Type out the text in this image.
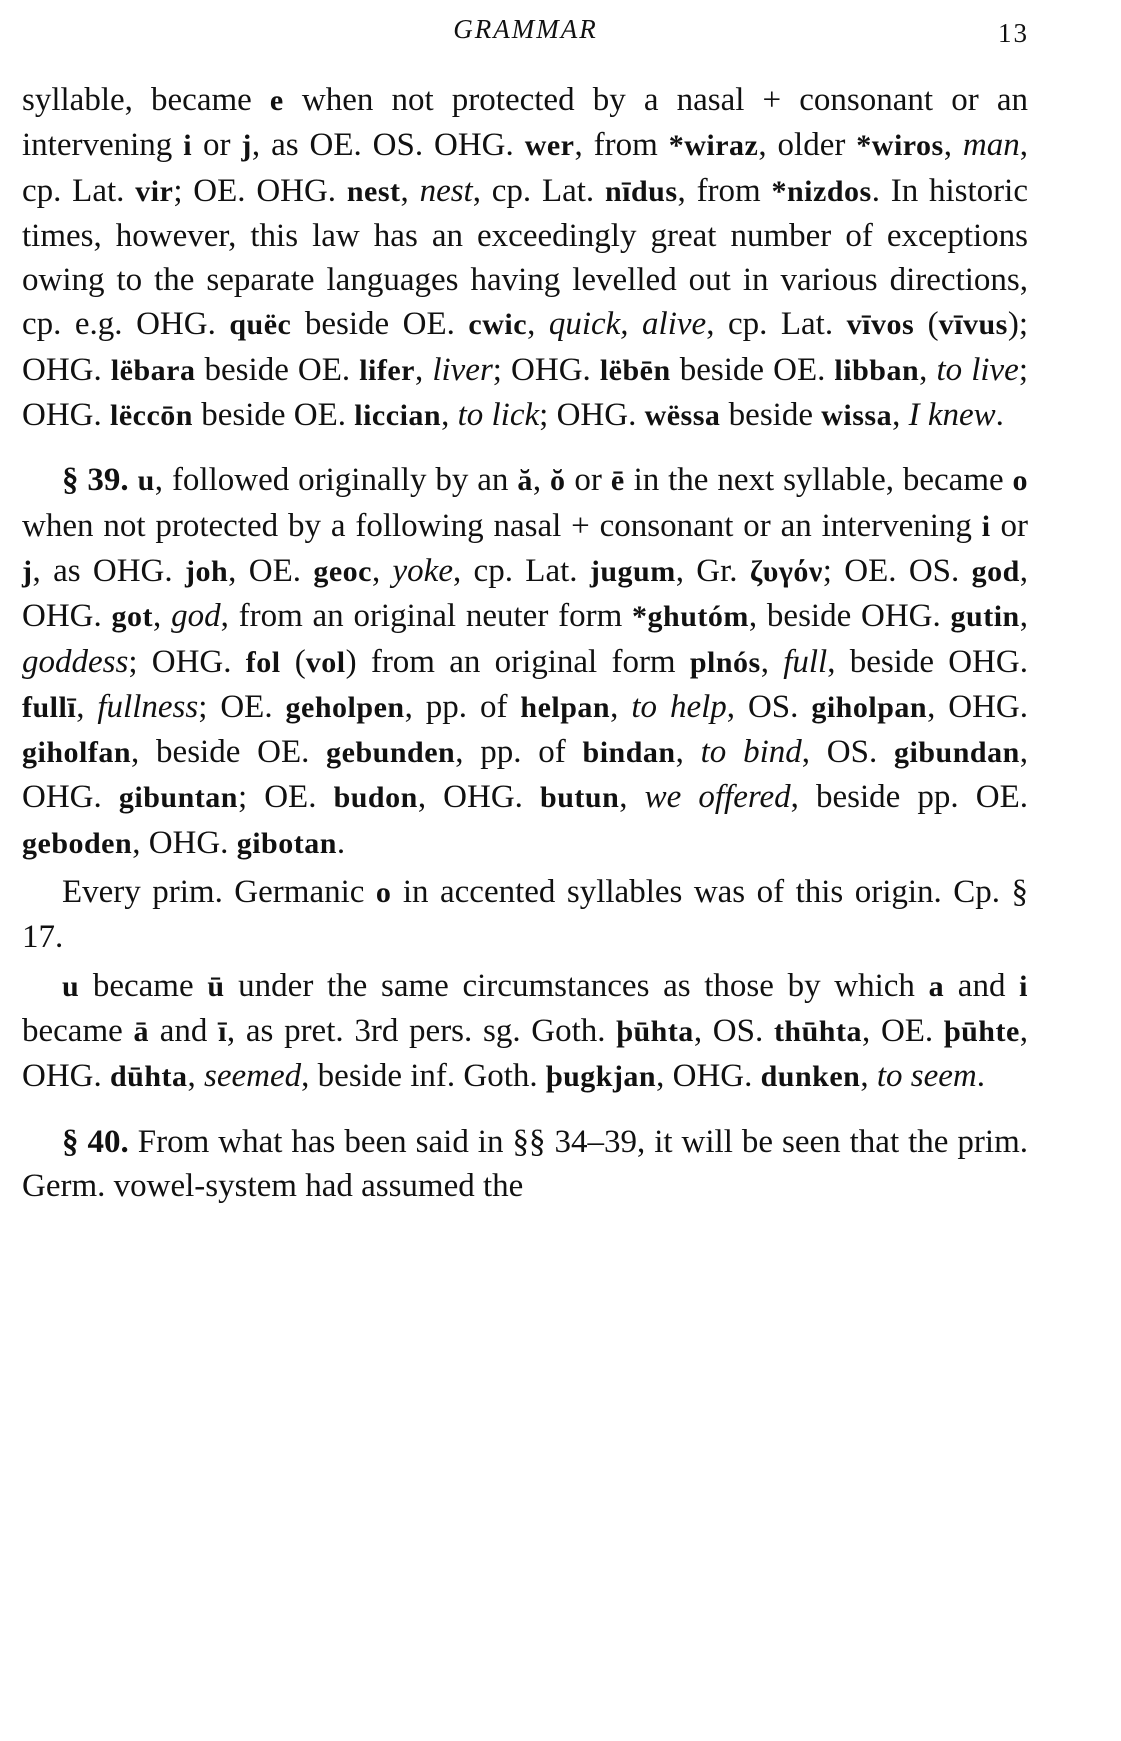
GRAMMAR	13

syllable, became e when not protected by a nasal + consonant or an intervening i or j, as OE. OS. OHG. wer, from *wiraz, older *wiros, man, cp. Lat. vir; OE. OHG. nest, nest, cp. Lat. nīdus, from *nizdos. In historic times, however, this law has an exceedingly great number of exceptions owing to the separate languages having levelled out in various directions, cp. e.g. OHG. quëc beside OE. cwic, quick, alive, cp. Lat. vīvos (vīvus); OHG. lëbara beside OE. lifer, liver; OHG. lëbēn beside OE. libban, to live; OHG. lëccōn beside OE. liccian, to lick; OHG. wëssa beside wissa, I knew.

§ 39. u, followed originally by an ă, ŏ or ē in the next syllable, became o when not protected by a following nasal + consonant or an intervening i or j, as OHG. joh, OE. geoc, yoke, cp. Lat. jugum, Gr. ζυγόν; OE. OS. god, OHG. got, god, from an original neuter form *ghutóm, beside OHG. gutin, goddess; OHG. fol (vol) from an original form plnós, full, beside OHG. fullī, fullness; OE. geholpen, pp. of helpan, to help, OS. giholpan, OHG. giholfan, beside OE. gebunden, pp. of bindan, to bind, OS. gibundan, OHG. gibuntan; OE. budon, OHG. butun, we offered, beside pp. OE. geboden, OHG. gibotan.

Every prim. Germanic o in accented syllables was of this origin. Cp. § 17.

u became ū under the same circumstances as those by which a and i became ā and ī, as pret. 3rd pers. sg. Goth. þūhta, OS. thūhta, OE. þūhte, OHG. dūhta, seemed, beside inf. Goth. þugkjan, OHG. dunken, to seem.

§ 40. From what has been said in §§ 34–39, it will be seen that the prim. Germ. vowel-system had assumed the
